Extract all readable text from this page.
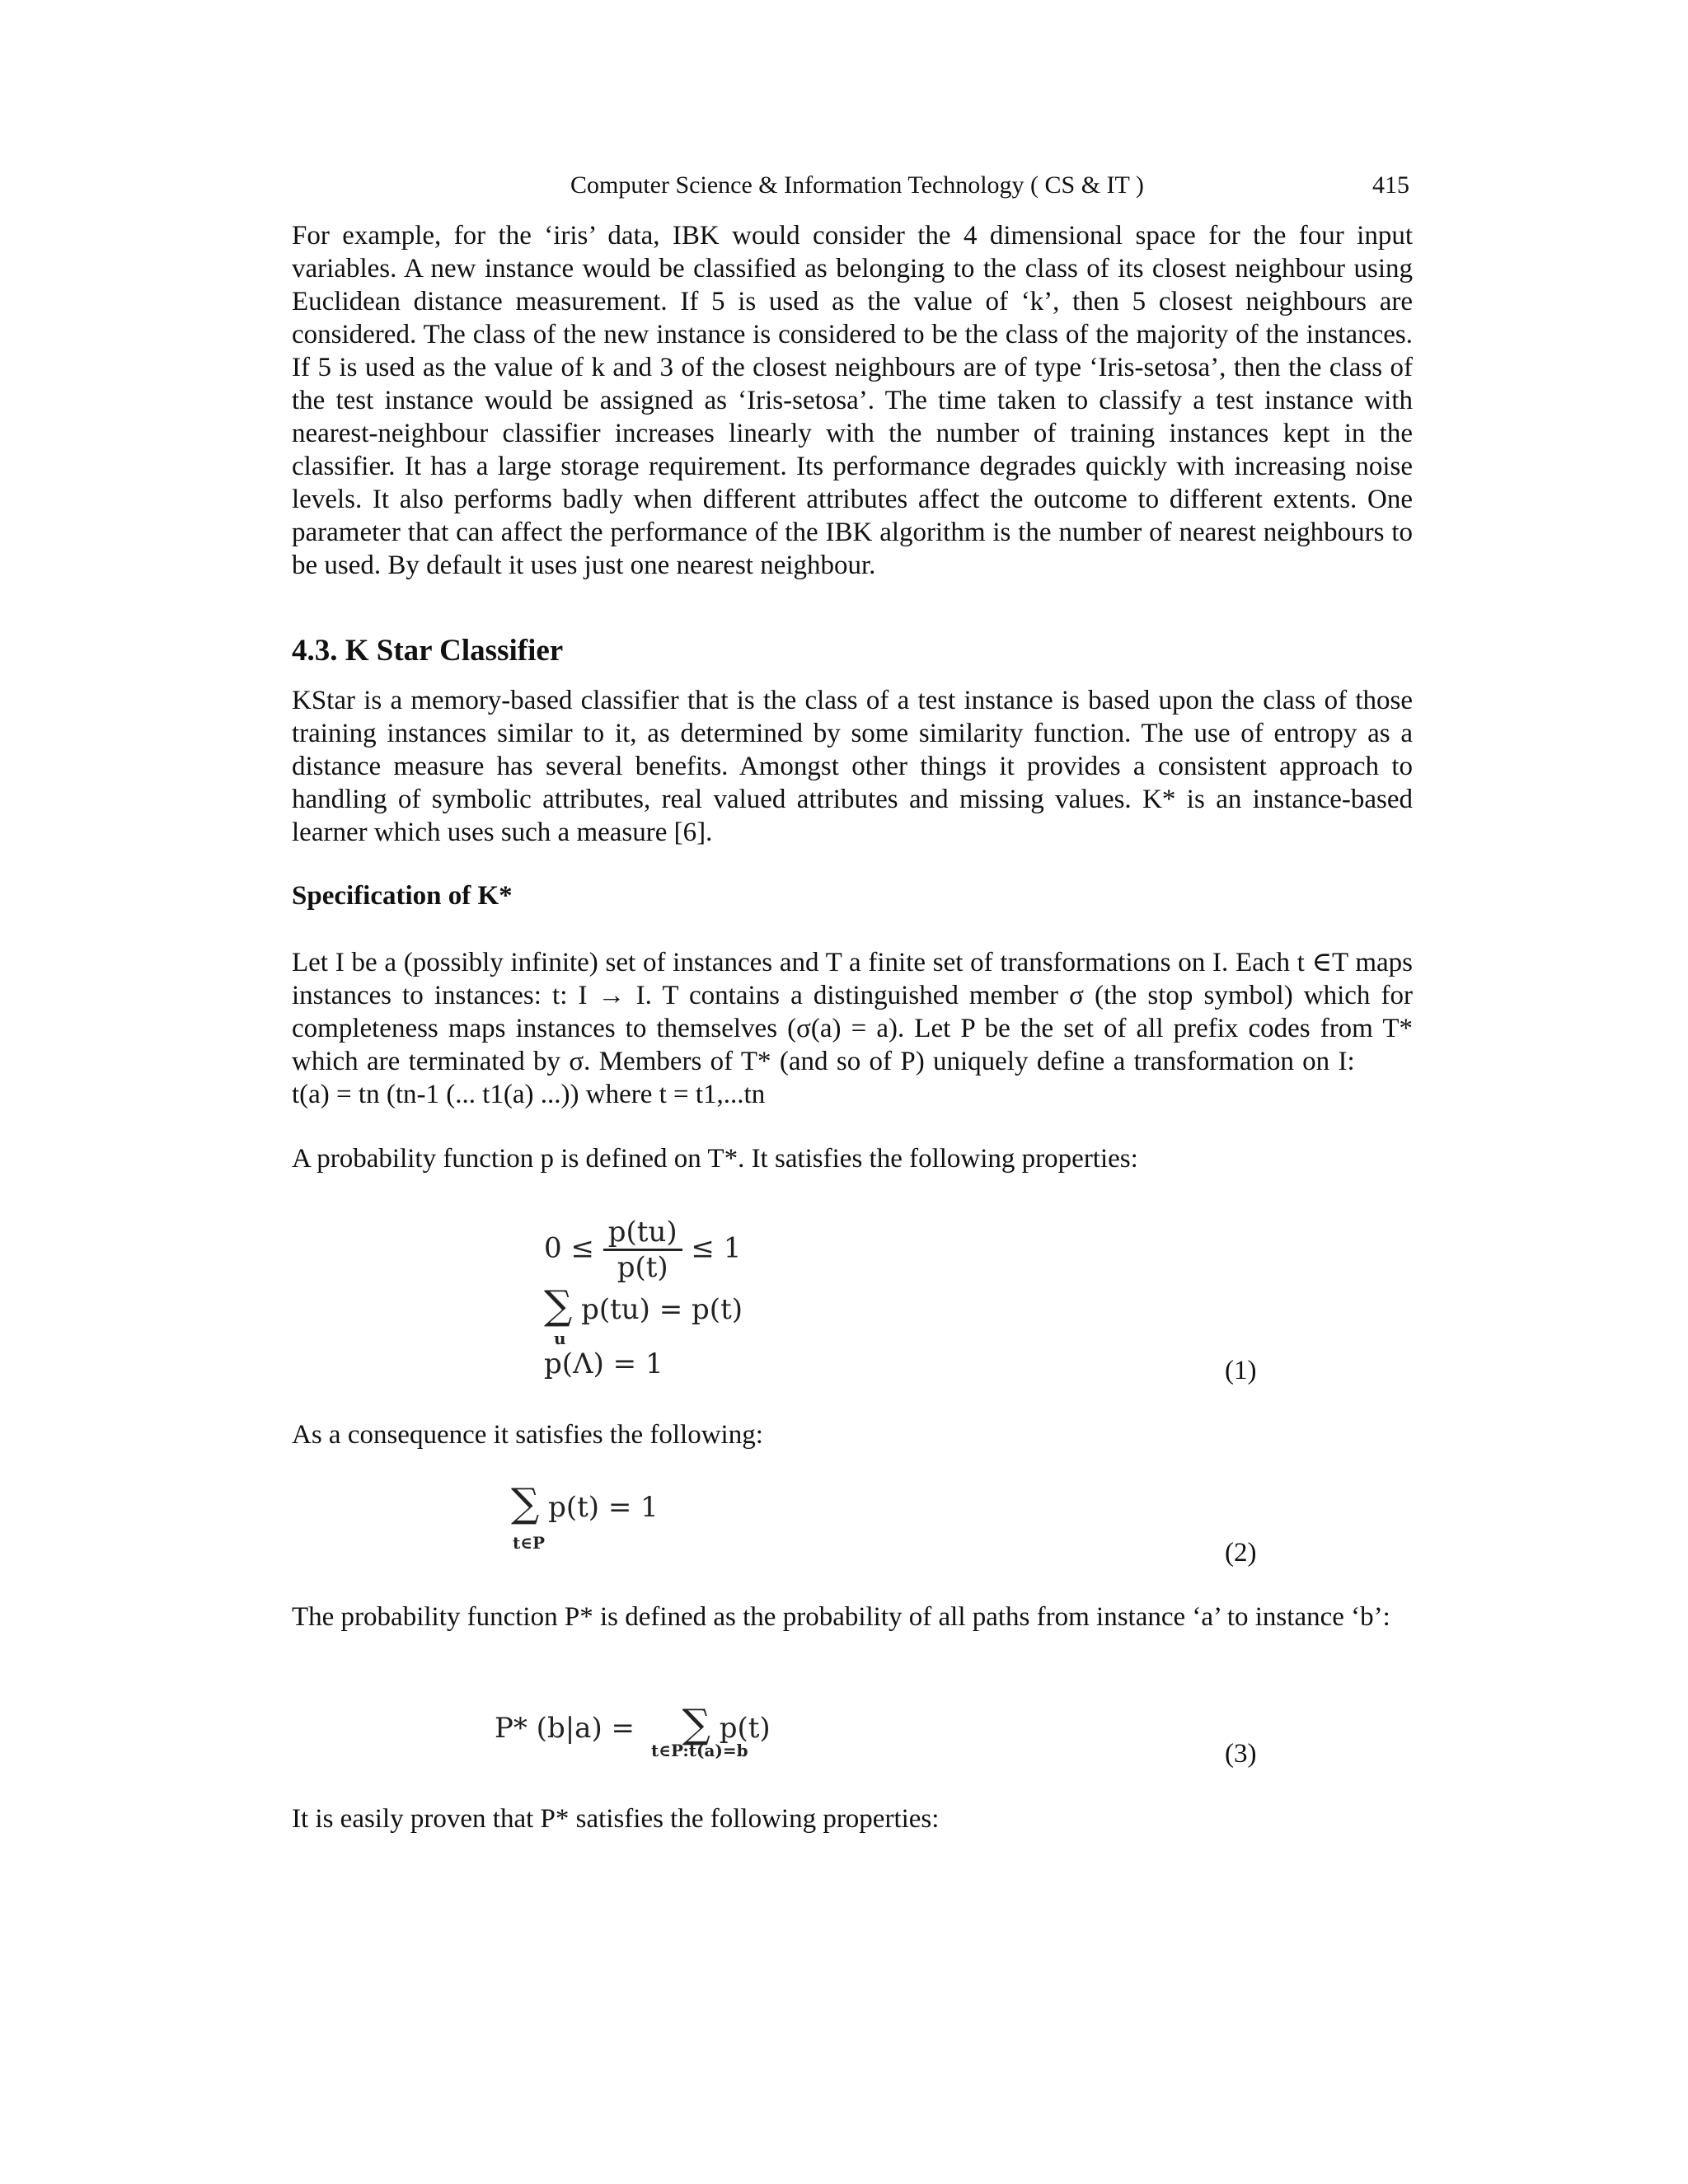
Computer Science & Information Technology ( CS & IT )	415
For example, for the ‘iris’ data, IBK would consider the 4 dimensional space for the four input variables. A new instance would be classified as belonging to the class of its closest neighbour using Euclidean distance measurement. If 5 is used as the value of ‘k’, then 5 closest neighbours are considered. The class of the new instance is considered to be the class of the majority of the instances. If 5 is used as the value of k and 3 of the closest neighbours are of type ‘Iris-setosa’, then the class of the test instance would be assigned as ‘Iris-setosa’. The time taken to classify a test instance with nearest-neighbour classifier increases linearly with the number of training instances kept in the classifier. It has a large storage requirement. Its performance degrades quickly with increasing noise levels. It also performs badly when different attributes affect the outcome to different extents. One parameter that can affect the performance of the IBK algorithm is the number of nearest neighbours to be used. By default it uses just one nearest neighbour.
4.3. K Star Classifier
KStar is a memory-based classifier that is the class of a test instance is based upon the class of those training instances similar to it, as determined by some similarity function. The use of entropy as a distance measure has several benefits. Amongst other things it provides a consistent approach to handling of symbolic attributes, real valued attributes and missing values. K* is an instance-based learner which uses such a measure [6].
Specification of K*
Let I be a (possibly infinite) set of instances and T a finite set of transformations on I. Each t ∈T maps instances to instances: t: I → I. T contains a distinguished member σ (the stop symbol) which for completeness maps instances to themselves (σ(a) = a). Let P be the set of all prefix codes from T* which are terminated by σ. Members of T* (and so of P) uniquely define a transformation on I:  t(a) = tn (tn-1 (... t1(a) ...)) where t = t1,...tn
A probability function p is defined on T*. It satisfies the following properties:
$0 \le \frac{p(tu)}{p(t)} \le 1$
∑ p(tu) = p(t)
u
p(Λ) = 1	(1)
As a consequence it satisfies the following:
∑ p(t) = 1
t∈P	(2)
The probability function P* is defined as the probability of all paths from instance ‘a’ to instance ‘b’:
P* (b|a) = ∑ p(t)
t∈P:t(a)=b	(3)
It is easily proven that P* satisfies the following properties:
